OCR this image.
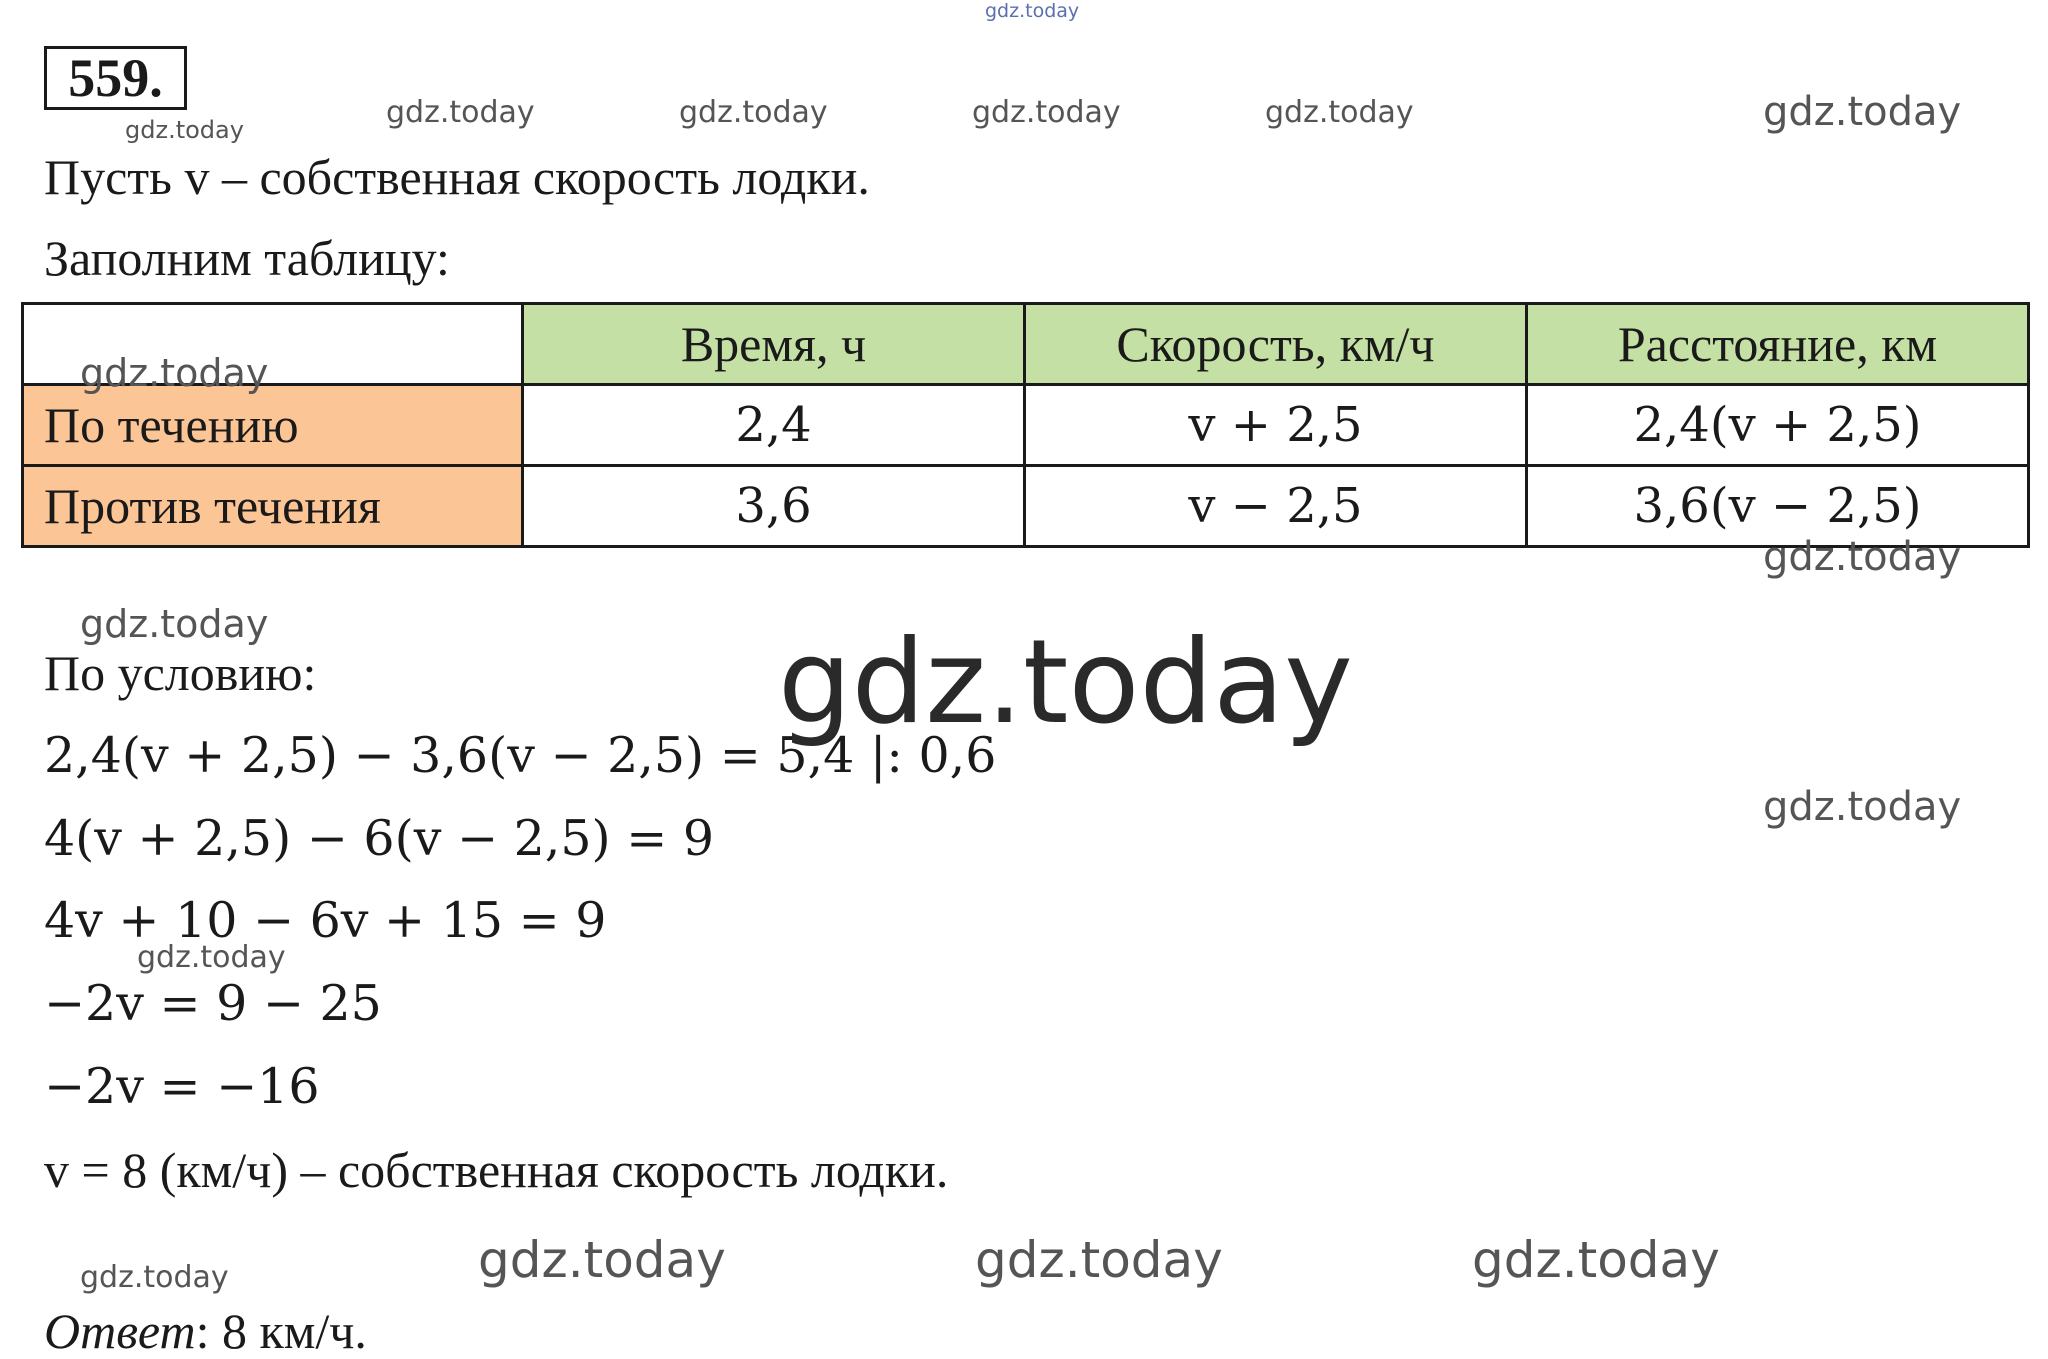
559.
Пусть v – собственная скорость лодки.
Заполним таблицу:
	Время, ч	Скорость, км/ч	Расстояние, км
По течению	2,4	v + 2,5	2,4(v + 2,5)
Против течения	3,6	v − 2,5	3,6(v − 2,5)
По условию:
2,4(v + 2,5) − 3,6(v − 2,5) = 5,4 |: 0,6
4(v + 2,5) − 6(v − 2,5) = 9
4v + 10 − 6v + 15 = 9
−2v = 9 − 25
−2v = −16
v = 8 (км/ч) – собственная скорость лодки.
Ответ: 8 км/ч.
gdz.today
gdz.today	gdz.today	gdz.today	gdz.today	gdz.today	gdz.today
gdz.today
gdz.today
gdz.today	gdz.today
gdz.today
gdz.today
gdz.today	gdz.today	gdz.today	gdz.today
